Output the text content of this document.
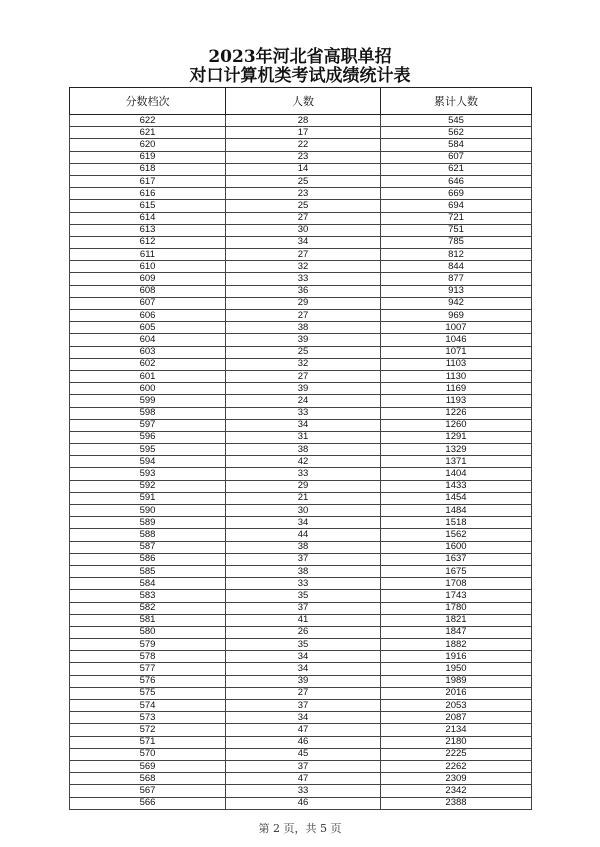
2023年河北省高职单招
对口计算机类考试成绩统计表
分数档次	人数	累计人数
622	28	545
621	17	562
620	22	584
619	23	607
618	14	621
617	25	646
616	23	669
615	25	694
614	27	721
613	30	751
612	34	785
611	27	812
610	32	844
609	33	877
608	36	913
607	29	942
606	27	969
605	38	1007
604	39	1046
603	25	1071
602	32	1103
601	27	1130
600	39	1169
599	24	1193
598	33	1226
597	34	1260
596	31	1291
595	38	1329
594	42	1371
593	33	1404
592	29	1433
591	21	1454
590	30	1484
589	34	1518
588	44	1562
587	38	1600
586	37	1637
585	38	1675
584	33	1708
583	35	1743
582	37	1780
581	41	1821
580	26	1847
579	35	1882
578	34	1916
577	34	1950
576	39	1989
575	27	2016
574	37	2053
573	34	2087
572	47	2134
571	46	2180
570	45	2225
569	37	2262
568	47	2309
567	33	2342
566	46	2388
第 2 页，共 5 页
